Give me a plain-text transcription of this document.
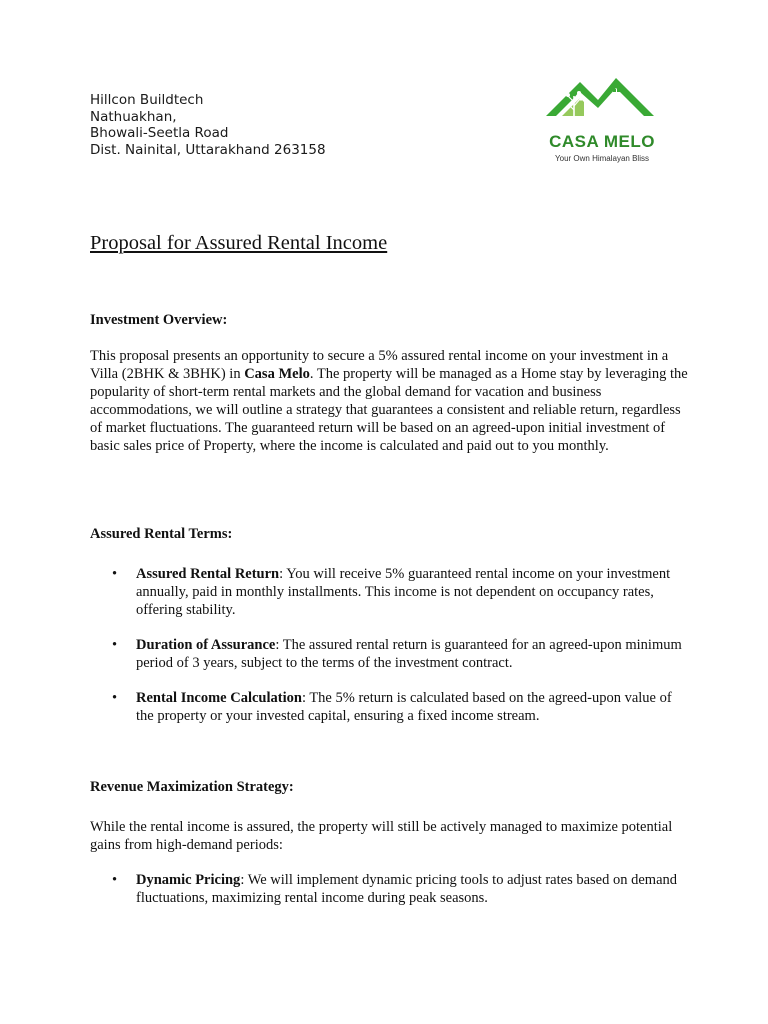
Hillcon Buildtech
Nathuakhan,
Bhowali-Seetla Road
Dist. Nainital, Uttarakhand 263158	CASA MELO
Your Own Himalayan Bliss
Proposal for Assured Rental Income
Investment Overview:

This proposal presents an opportunity to secure a 5% assured rental income on your investment in a Villa (2BHK & 3BHK) in Casa Melo. The property will be managed as a Home stay by leveraging the popularity of short-term rental markets and the global demand for vacation and business accommodations, we will outline a strategy that guarantees a consistent and reliable return, regardless of market fluctuations. The guaranteed return will be based on an agreed-upon initial investment of basic sales price of Property, where the income is calculated and paid out to you monthly.

Assured Rental Terms:
• Assured Rental Return: You will receive 5% guaranteed rental income on your investment annually, paid in monthly installments. This income is not dependent on occupancy rates, offering stability.
• Duration of Assurance: The assured rental return is guaranteed for an agreed-upon minimum period of 3 years, subject to the terms of the investment contract.
• Rental Income Calculation: The 5% return is calculated based on the agreed-upon value of the property or your invested capital, ensuring a fixed income stream.
Revenue Maximization Strategy:

While the rental income is assured, the property will still be actively managed to maximize potential gains from high-demand periods:

• Dynamic Pricing: We will implement dynamic pricing tools to adjust rates based on demand fluctuations, maximizing rental income during peak seasons.
